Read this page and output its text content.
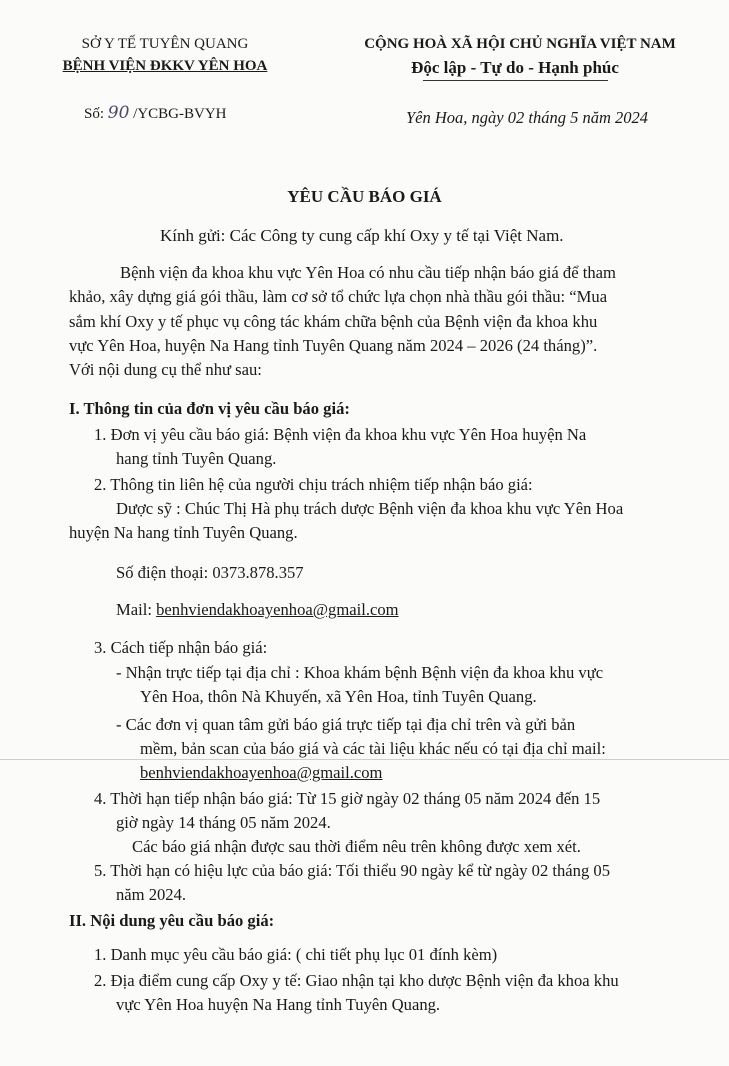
SỞ Y TẾ TUYÊN QUANG
BỆNH VIỆN ĐKKV YÊN HOA
CỘNG HOÀ XÃ HỘI CHỦ NGHĨA VIỆT NAM
Độc lập - Tự do - Hạnh phúc
Số: 90 /YCBG-BVYH	Yên Hoa, ngày 02 tháng 5 năm 2024
YÊU CẦU BÁO GIÁ
Kính gửi: Các Công ty cung cấp khí Oxy y tế tại Việt Nam.
Bệnh viện đa khoa khu vực Yên Hoa có nhu cầu tiếp nhận báo giá để tham
khảo, xây dựng giá gói thầu, làm cơ sở tổ chức lựa chọn nhà thầu gói thầu: “Mua
sắm khí Oxy y tế phục vụ công tác khám chữa bệnh của Bệnh viện đa khoa khu
vực Yên Hoa, huyện Na Hang tỉnh Tuyên Quang năm 2024 – 2026 (24 tháng)”.
Với nội dung cụ thể như sau:
I. Thông tin của đơn vị yêu cầu báo giá:
1. Đơn vị yêu cầu báo giá: Bệnh viện đa khoa khu vực Yên Hoa huyện Na
hang tỉnh Tuyên Quang.
2. Thông tin liên hệ của người chịu trách nhiệm tiếp nhận báo giá:
Dược sỹ : Chúc Thị Hà phụ trách dược Bệnh viện đa khoa khu vực Yên Hoa
huyện Na hang tỉnh Tuyên Quang.
Số điện thoại: 0373.878.357
Mail: benhviendakhoayenhoa@gmail.com
3. Cách tiếp nhận báo giá:
- Nhận trực tiếp tại địa chỉ : Khoa khám bệnh Bệnh viện đa khoa khu vực
Yên Hoa, thôn Nà Khuyến, xã Yên Hoa, tỉnh Tuyên Quang.
- Các đơn vị quan tâm gửi báo giá trực tiếp tại địa chỉ trên và gửi bản
mềm, bản scan của báo giá và các tài liệu khác nếu có tại địa chỉ mail:
benhviendakhoayenhoa@gmail.com
4. Thời hạn tiếp nhận báo giá: Từ 15 giờ ngày 02 tháng 05 năm 2024 đến 15
giờ ngày 14 tháng 05 năm 2024.
Các báo giá nhận được sau thời điểm nêu trên không được xem xét.
5. Thời hạn có hiệu lực của báo giá: Tối thiểu 90 ngày kể từ ngày 02 tháng 05
năm 2024.
II. Nội dung yêu cầu báo giá:
1. Danh mục yêu cầu báo giá: ( chi tiết phụ lục 01 đính kèm)
2. Địa điểm cung cấp Oxy y tế: Giao nhận tại kho dược Bệnh viện đa khoa khu
vực Yên Hoa huyện Na Hang tỉnh Tuyên Quang.
